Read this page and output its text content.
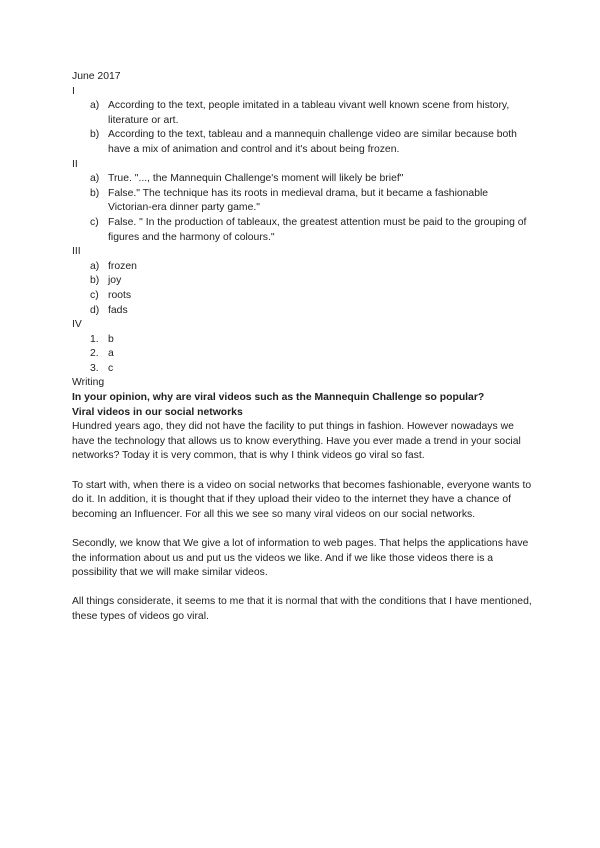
June 2017
I
a) According to the text, people imitated in a tableau vivant well known scene from history, literature or art.
b) According to the text, tableau and a mannequin challenge video are similar because both have a mix of animation and control and it's about being frozen.
II
a) True. "..., the Mannequin Challenge's moment will likely be brief"
b) False." The technique has its roots in medieval drama, but it became a fashionable Victorian-era dinner party game."
c) False. " In the production of tableaux, the greatest attention must be paid to the grouping of figures and the harmony of colours."
III
a) frozen
b) joy
c) roots
d) fads
IV
1. b
2. a
3. c
Writing
In your opinion, why are viral videos such as the Mannequin Challenge so popular?
Viral videos in our social networks

Hundred years ago, they did not have the facility to put things in fashion. However nowadays we have the technology that allows us to know everything. Have you ever made a trend in your social networks? Today it is very common, that is why I think videos go viral so fast.

To start with, when there is a video on social networks that becomes fashionable, everyone wants to do it. In addition, it is thought that if they upload their video to the internet they have a chance of becoming an Influencer. For all this we see so many viral videos on our social networks.

Secondly, we know that We give a lot of information to web pages. That helps the applications have the information about us and put us the videos we like. And if we like those videos there is a possibility that we will make similar videos.

All things considerate, it seems to me that it is normal that with the conditions that I have mentioned, these types of videos go viral.
